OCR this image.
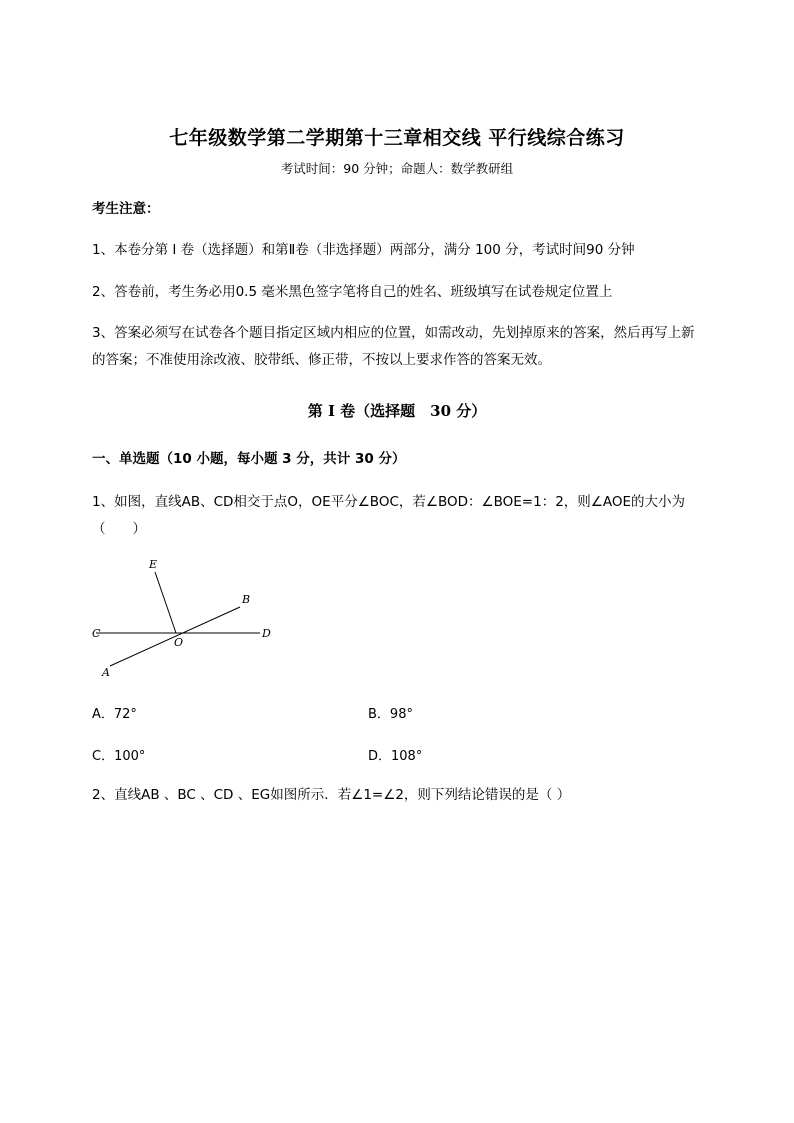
七年级数学第二学期第十三章相交线 平行线综合练习
考试时间：90 分钟；命题人：数学教研组
考生注意：
1、本卷分第 I 卷（选择题）和第Ⅱ卷（非选择题）两部分，满分 100 分，考试时间90 分钟
2、答卷前，考生务必用0.5 毫米黑色签字笔将自己的姓名、班级填写在试卷规定位置上
3、答案必须写在试卷各个题目指定区域内相应的位置，如需改动，先划掉原来的答案，然后再写上新的答案；不准使用涂改液、胶带纸、修正带，不按以上要求作答的答案无效。
第 I 卷（选择题　30 分）
一、单选题（10 小题，每小题 3 分，共计 30 分）
1、如图，直线AB、CD相交于点O，OE平分∠BOC，若∠BOD：∠BOE=1：2，则∠AOE的大小为（　　）
E
B
C
O
D
A
A．72°	B．98°
C．100°	D．108°
2、直线AB 、BC 、CD 、EG如图所示．若∠1=∠2，则下列结论错误的是（ ）
